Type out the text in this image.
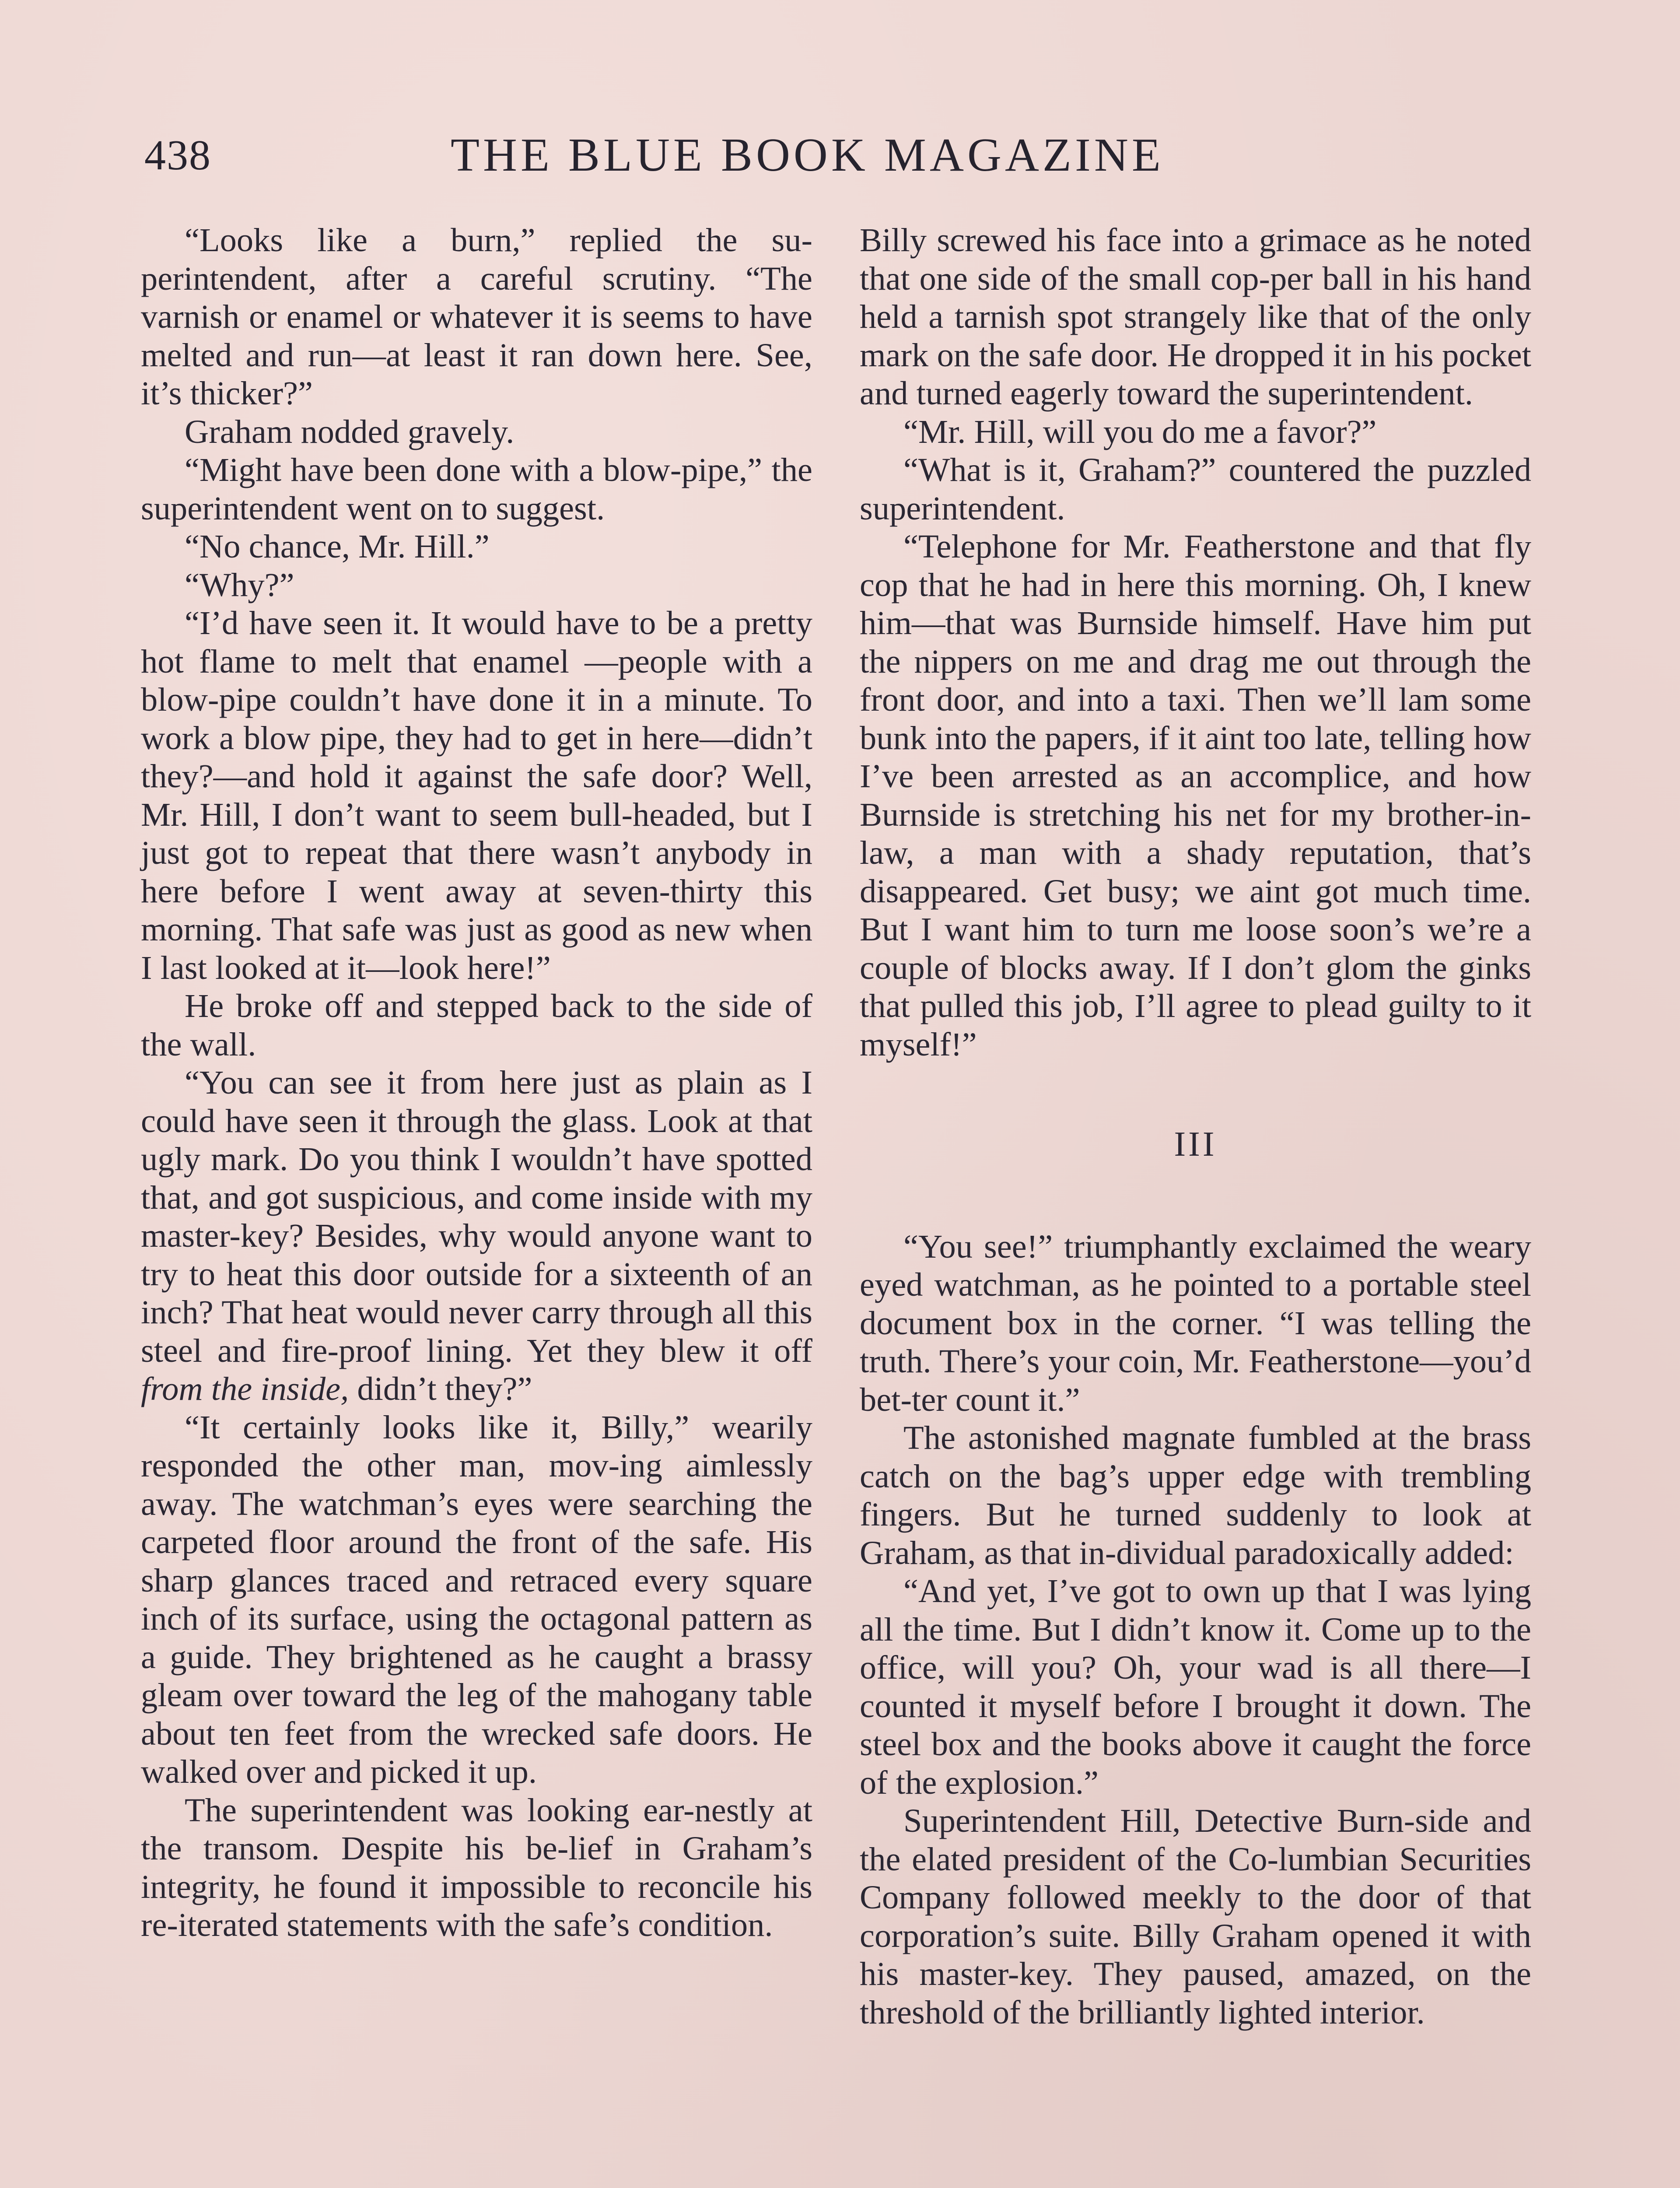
438	THE BLUE BOOK MAGAZINE

“Looks like a burn,” replied the su-perintendent, after a careful scrutiny. “The varnish or enamel or whatever it is seems to have melted and run—at least it ran down here. See, it’s thicker?”

Graham nodded gravely.

“Might have been done with a blow-pipe,” the superintendent went on to suggest.

“No chance, Mr. Hill.”

“Why?”

“I’d have seen it. It would have to be a pretty hot flame to melt that enamel —people with a blow-pipe couldn’t have done it in a minute. To work a blow pipe, they had to get in here—didn’t they?—and hold it against the safe door? Well, Mr. Hill, I don’t want to seem bull-headed, but I just got to repeat that there wasn’t anybody in here before I went away at seven-thirty this morning. That safe was just as good as new when I last looked at it—look here!”

He broke off and stepped back to the side of the wall.

“You can see it from here just as plain as I could have seen it through the glass. Look at that ugly mark. Do you think I wouldn’t have spotted that, and got suspicious, and come inside with my master-key? Besides, why would anyone want to try to heat this door outside for a sixteenth of an inch? That heat would never carry through all this steel and fire-proof lining. Yet they blew it off from the inside, didn’t they?”

“It certainly looks like it, Billy,” wearily responded the other man, mov-ing aimlessly away. The watchman’s eyes were searching the carpeted floor around the front of the safe. His sharp glances traced and retraced every square inch of its surface, using the octagonal pattern as a guide. They brightened as he caught a brassy gleam over toward the leg of the mahogany table about ten feet from the wrecked safe doors. He walked over and picked it up.

The superintendent was looking ear-nestly at the transom. Despite his be-lief in Graham’s integrity, he found it impossible to reconcile his re-iterated statements with the safe’s condition.

Billy screwed his face into a grimace as he noted that one side of the small cop-per ball in his hand held a tarnish spot strangely like that of the only mark on the safe door. He dropped it in his pocket and turned eagerly toward the superintendent.

“Mr. Hill, will you do me a favor?”

“What is it, Graham?” countered the puzzled superintendent.

“Telephone for Mr. Featherstone and that fly cop that he had in here this morning. Oh, I knew him—that was Burnside himself. Have him put the nippers on me and drag me out through the front door, and into a taxi. Then we’ll lam some bunk into the papers, if it aint too late, telling how I’ve been arrested as an accomplice, and how Burnside is stretching his net for my brother-in-law, a man with a shady reputation, that’s disappeared. Get busy; we aint got much time. But I want him to turn me loose soon’s we’re a couple of blocks away. If I don’t glom the ginks that pulled this job, I’ll agree to plead guilty to it myself!”

III

“You see!” triumphantly exclaimed the weary eyed watchman, as he pointed to a portable steel document box in the corner. “I was telling the truth. There’s your coin, Mr. Featherstone—you’d bet-ter count it.”

The astonished magnate fumbled at the brass catch on the bag’s upper edge with trembling fingers. But he turned suddenly to look at Graham, as that in-dividual paradoxically added:

“And yet, I’ve got to own up that I was lying all the time. But I didn’t know it. Come up to the office, will you? Oh, your wad is all there—I counted it myself before I brought it down. The steel box and the books above it caught the force of the explosion.”

Superintendent Hill, Detective Burn-side and the elated president of the Co-lumbian Securities Company followed meekly to the door of that corporation’s suite. Billy Graham opened it with his master-key. They paused, amazed, on the threshold of the brilliantly lighted interior.
